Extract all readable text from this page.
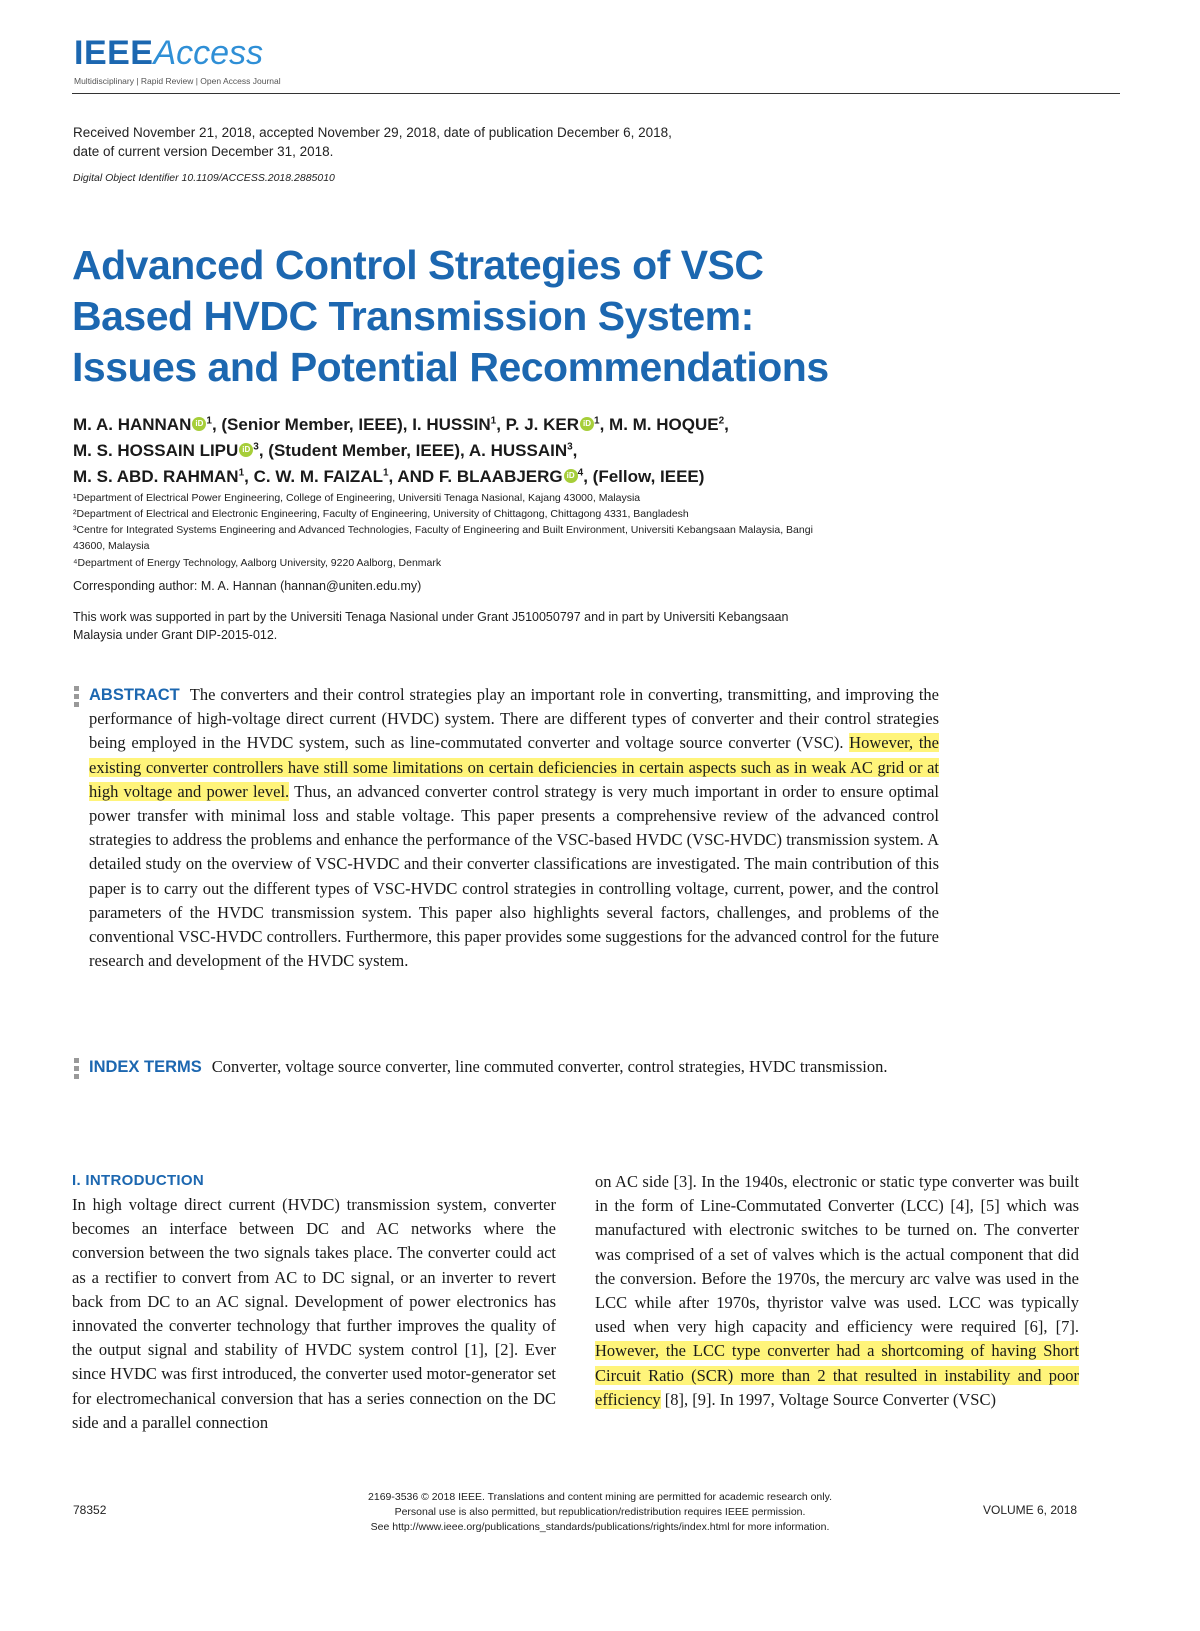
IEEEAccess
Multidisciplinary | Rapid Review | Open Access Journal
Received November 21, 2018, accepted November 29, 2018, date of publication December 6, 2018,
date of current version December 31, 2018.
Digital Object Identifier 10.1109/ACCESS.2018.2885010
Advanced Control Strategies of VSC Based HVDC Transmission System: Issues and Potential Recommendations
M. A. HANNAN iD $^1$, (Senior Member, IEEE), I. HUSSIN$^1$, P. J. KER iD $^1$, M. M. HOQUE$^2$,
M. S. HOSSAIN LIPU iD $^3$, (Student Member, IEEE), A. HUSSAIN$^3$,
M. S. ABD. RAHMAN$^1$, C. W. M. FAIZAL$^1$, AND F. BLAABJERG iD $^4$, (Fellow, IEEE)
¹Department of Electrical Power Engineering, College of Engineering, Universiti Tenaga Nasional, Kajang 43000, Malaysia
²Department of Electrical and Electronic Engineering, Faculty of Engineering, University of Chittagong, Chittagong 4331, Bangladesh
³Centre for Integrated Systems Engineering and Advanced Technologies, Faculty of Engineering and Built Environment, Universiti Kebangsaan Malaysia, Bangi
43600, Malaysia
⁴Department of Energy Technology, Aalborg University, 9220 Aalborg, Denmark
Corresponding author: M. A. Hannan (hannan@uniten.edu.my)
This work was supported in part by the Universiti Tenaga Nasional under Grant J510050797 and in part by Universiti Kebangsaan
Malaysia under Grant DIP-2015-012.
ABSTRACT The converters and their control strategies play an important role in converting, transmitting, and improving the performance of high-voltage direct current (HVDC) system. There are different types of converter and their control strategies being employed in the HVDC system, such as line-commutated converter and voltage source converter (VSC). However, the existing converter controllers have still some limitations on certain deficiencies in certain aspects such as in weak AC grid or at high voltage and power level. Thus, an advanced converter control strategy is very much important in order to ensure optimal power transfer with minimal loss and stable voltage. This paper presents a comprehensive review of the advanced control strategies to address the problems and enhance the performance of the VSC-based HVDC (VSC-HVDC) transmission system. A detailed study on the overview of VSC-HVDC and their converter classifications are investigated. The main contribution of this paper is to carry out the different types of VSC-HVDC control strategies in controlling voltage, current, power, and the control parameters of the HVDC transmission system. This paper also highlights several factors, challenges, and problems of the conventional VSC-HVDC controllers. Furthermore, this paper provides some suggestions for the advanced control for the future research and development of the HVDC system.
INDEX TERMS Converter, voltage source converter, line commuted converter, control strategies, HVDC transmission.
I. INTRODUCTION
In high voltage direct current (HVDC) transmission system, converter becomes an interface between DC and AC networks where the conversion between the two signals takes place. The converter could act as a rectifier to convert from AC to DC signal, or an inverter to revert back from DC to an AC signal. Development of power electronics has innovated the converter technology that further improves the quality of the output signal and stability of HVDC system control [1], [2]. Ever since HVDC was first introduced, the converter used motor-generator set for electromechanical conversion that has a series connection on the DC side and a parallel connection
on AC side [3]. In the 1940s, electronic or static type converter was built in the form of Line-Commutated Converter (LCC) [4], [5] which was manufactured with electronic switches to be turned on. The converter was comprised of a set of valves which is the actual component that did the conversion. Before the 1970s, the mercury arc valve was used in the LCC while after 1970s, thyristor valve was used. LCC was typically used when very high capacity and efficiency were required [6], [7]. However, the LCC type converter had a shortcoming of having Short Circuit Ratio (SCR) more than 2 that resulted in instability and poor efficiency [8], [9]. In 1997, Voltage Source Converter (VSC)
78352
2169-3536 © 2018 IEEE. Translations and content mining are permitted for academic research only.
Personal use is also permitted, but republication/redistribution requires IEEE permission.
See http://www.ieee.org/publications_standards/publications/rights/index.html for more information.
VOLUME 6, 2018
